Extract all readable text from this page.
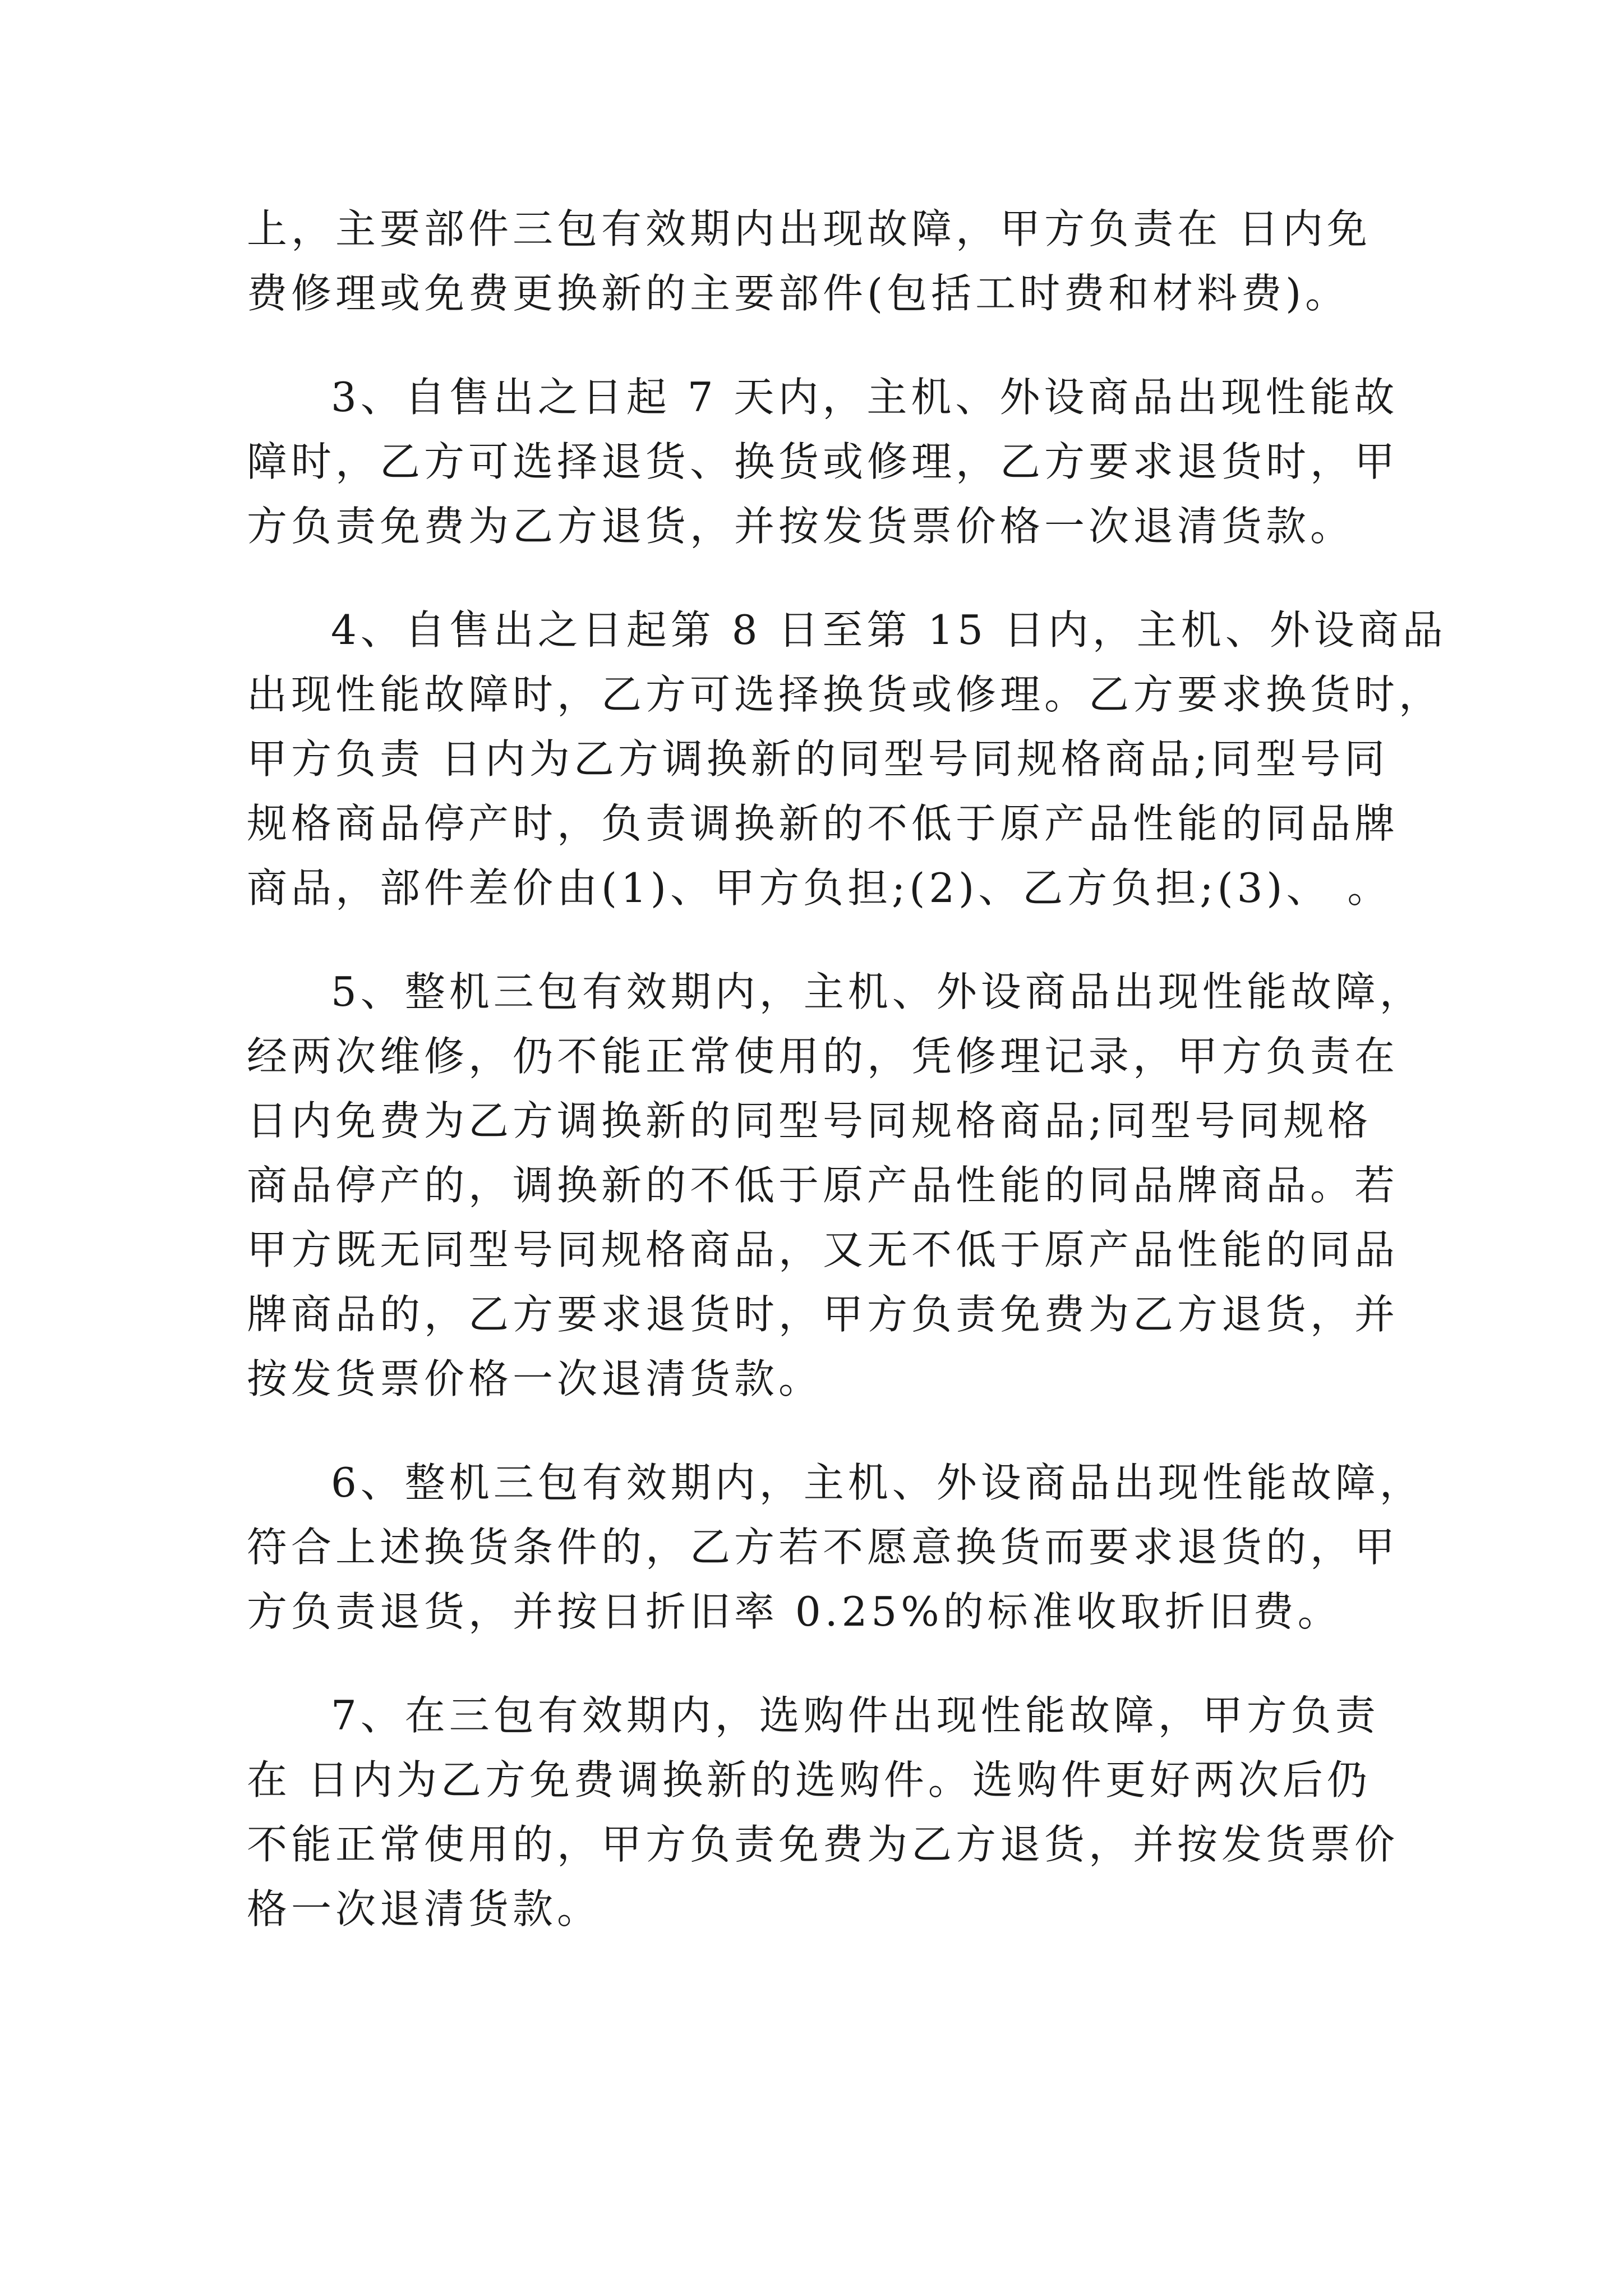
上，主要部件三包有效期内出现故障，甲方负责在 日内免
费修理或免费更换新的主要部件(包括工时费和材料费)。
3、自售出之日起 7 天内，主机、外设商品出现性能故
障时，乙方可选择退货、换货或修理，乙方要求退货时，甲
方负责免费为乙方退货，并按发货票价格一次退清货款。
4、自售出之日起第 8 日至第 15 日内，主机、外设商品
出现性能故障时，乙方可选择换货或修理。乙方要求换货时，
甲方负责 日内为乙方调换新的同型号同规格商品;同型号同
规格商品停产时，负责调换新的不低于原产品性能的同品牌
商品，部件差价由(1)、甲方负担;(2)、乙方负担;(3)、 。
5、整机三包有效期内，主机、外设商品出现性能故障，
经两次维修，仍不能正常使用的，凭修理记录，甲方负责在
日内免费为乙方调换新的同型号同规格商品;同型号同规格
商品停产的，调换新的不低于原产品性能的同品牌商品。若
甲方既无同型号同规格商品，又无不低于原产品性能的同品
牌商品的，乙方要求退货时，甲方负责免费为乙方退货，并
按发货票价格一次退清货款。
6、整机三包有效期内，主机、外设商品出现性能故障，
符合上述换货条件的，乙方若不愿意换货而要求退货的，甲
方负责退货，并按日折旧率 0.25%的标准收取折旧费。
7、在三包有效期内，选购件出现性能故障，甲方负责
在 日内为乙方免费调换新的选购件。选购件更好两次后仍
不能正常使用的，甲方负责免费为乙方退货，并按发货票价
格一次退清货款。
